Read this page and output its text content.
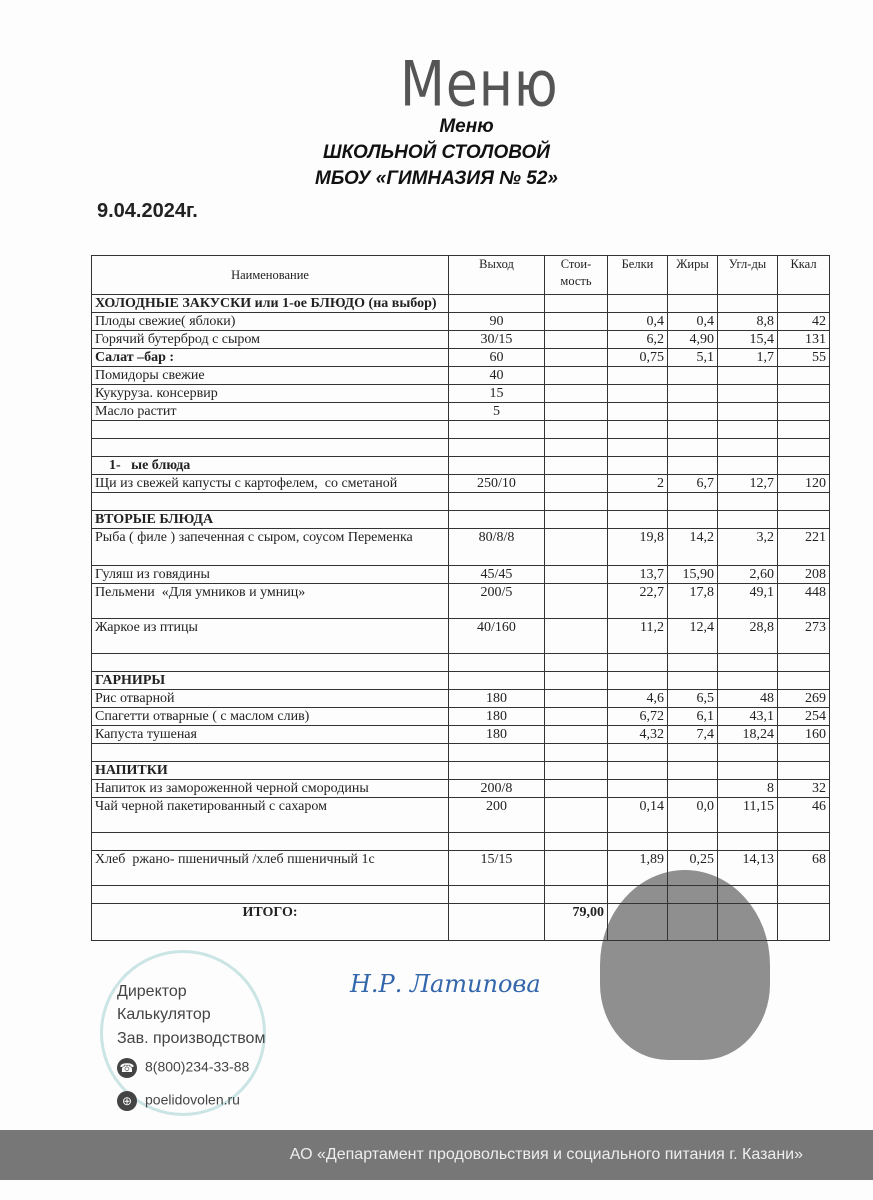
Меню
Меню
ШКОЛЬНОЙ СТОЛОВОЙ
МБОУ «ГИМНАЗИЯ № 52»
9.04.2024г.
Наименование	Выход	Стои-мость	Белки	Жиры	Угл-ды	Ккал
ХОЛОДНЫЕ ЗАКУСКИ или 1-ое БЛЮДО (на выбор)						
Плоды свежие( яблоки)	90		0,4	0,4	8,8	42
Горячий бутерброд с сыром	30/15		6,2	4,90	15,4	131
Салат –бар :	60		0,75	5,1	1,7	55
Помидоры свежие	40					
Кукуруза. консервир	15					
Масло растит	5					

1-   ые блюда						
Щи из свежей капусты с картофелем,  со сметаной	250/10		2	6,7	12,7	120

ВТОРЫЕ БЛЮДА						
Рыба ( филе ) запеченная с сыром, соусом Переменка	80/8/8		19,8	14,2	3,2	221
Гуляш из говядины	45/45		13,7	15,90	2,60	208
Пельмени  «Для умников и умниц»	200/5		22,7	17,8	49,1	448
Жаркое из птицы	40/160		11,2	12,4	28,8	273

ГАРНИРЫ						
Рис отварной	180		4,6	6,5	48	269
Спагетти отварные ( с маслом слив)	180		6,72	6,1	43,1	254
Капуста тушеная	180		4,32	7,4	18,24	160

НАПИТКИ						
Напиток из замороженной черной смородины	200/8				8	32
Чай черной пакетированный с сахаром	200		0,14	0,0	11,15	46

Хлеб  ржано- пшеничный /хлеб пшеничный 1с	15/15		1,89	0,25	14,13	68

ИТОГО:		79,00				
Н.Р. Латипова
Директор
Калькулятор
Зав. производством
☎ 8(800)234-33-88
⊕ poelidovolen.ru
АО «Департамент продовольствия и социального питания г. Казани»
